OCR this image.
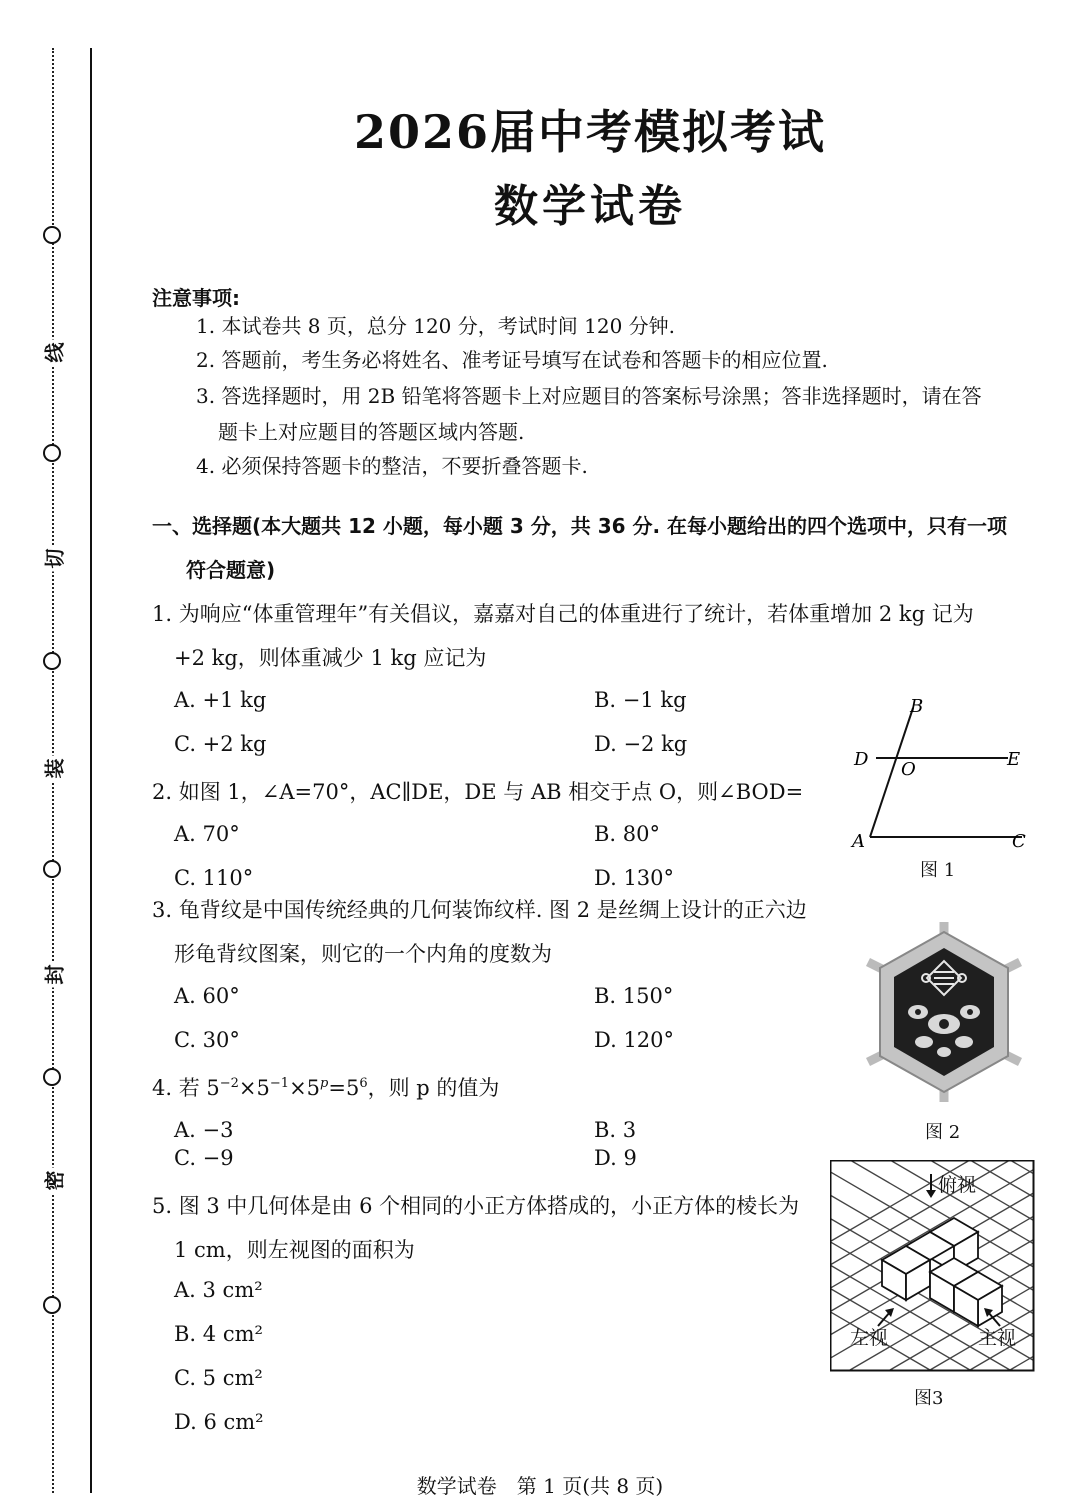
线
切
装
封
密
2026届中考模拟考试
数学试卷
注意事项:
1. 本试卷共 8 页，总分 120 分，考试时间 120 分钟.
2. 答题前，考生务必将姓名、准考证号填写在试卷和答题卡的相应位置.
3. 答选择题时，用 2B 铅笔将答题卡上对应题目的答案标号涂黑；答非选择题时，请在答
题卡上对应题目的答题区域内答题.
4. 必须保持答题卡的整洁，不要折叠答题卡.
一、选择题(本大题共 12 小题，每小题 3 分，共 36 分. 在每小题给出的四个选项中，只有一项
符合题意)
1. 为响应“体重管理年”有关倡议，嘉嘉对自己的体重进行了统计，若体重增加 2 kg 记为
+2 kg，则体重减少 1 kg 应记为
A. +1 kg	B. −1 kg
C. +2 kg	D. −2 kg
2. 如图 1，∠A=70°，AC∥DE，DE 与 AB 相交于点 O，则∠BOD=
A. 70°	B. 80°
C. 110°	D. 130°
3. 龟背纹是中国传统经典的几何装饰纹样. 图 2 是丝绸上设计的正六边
形龟背纹图案，则它的一个内角的度数为
A. 60°	B. 150°
C. 30°	D. 120°
4. 若 $5^{-2}\times 5^{-1}\times 5^p=5^6$，则 p 的值为
A. −3	B. 3
C. −9	D. 9
5. 图 3 中几何体是由 6 个相同的小正方体搭成的，小正方体的棱长为
1 cm，则左视图的面积为
A. 3 cm²
B. 4 cm²
C. 5 cm²
D. 6 cm²
B
D O	E
A	C
图 1
图 2
俯视
左视	主视
图3
数学试卷　第 1 页(共 8 页)
